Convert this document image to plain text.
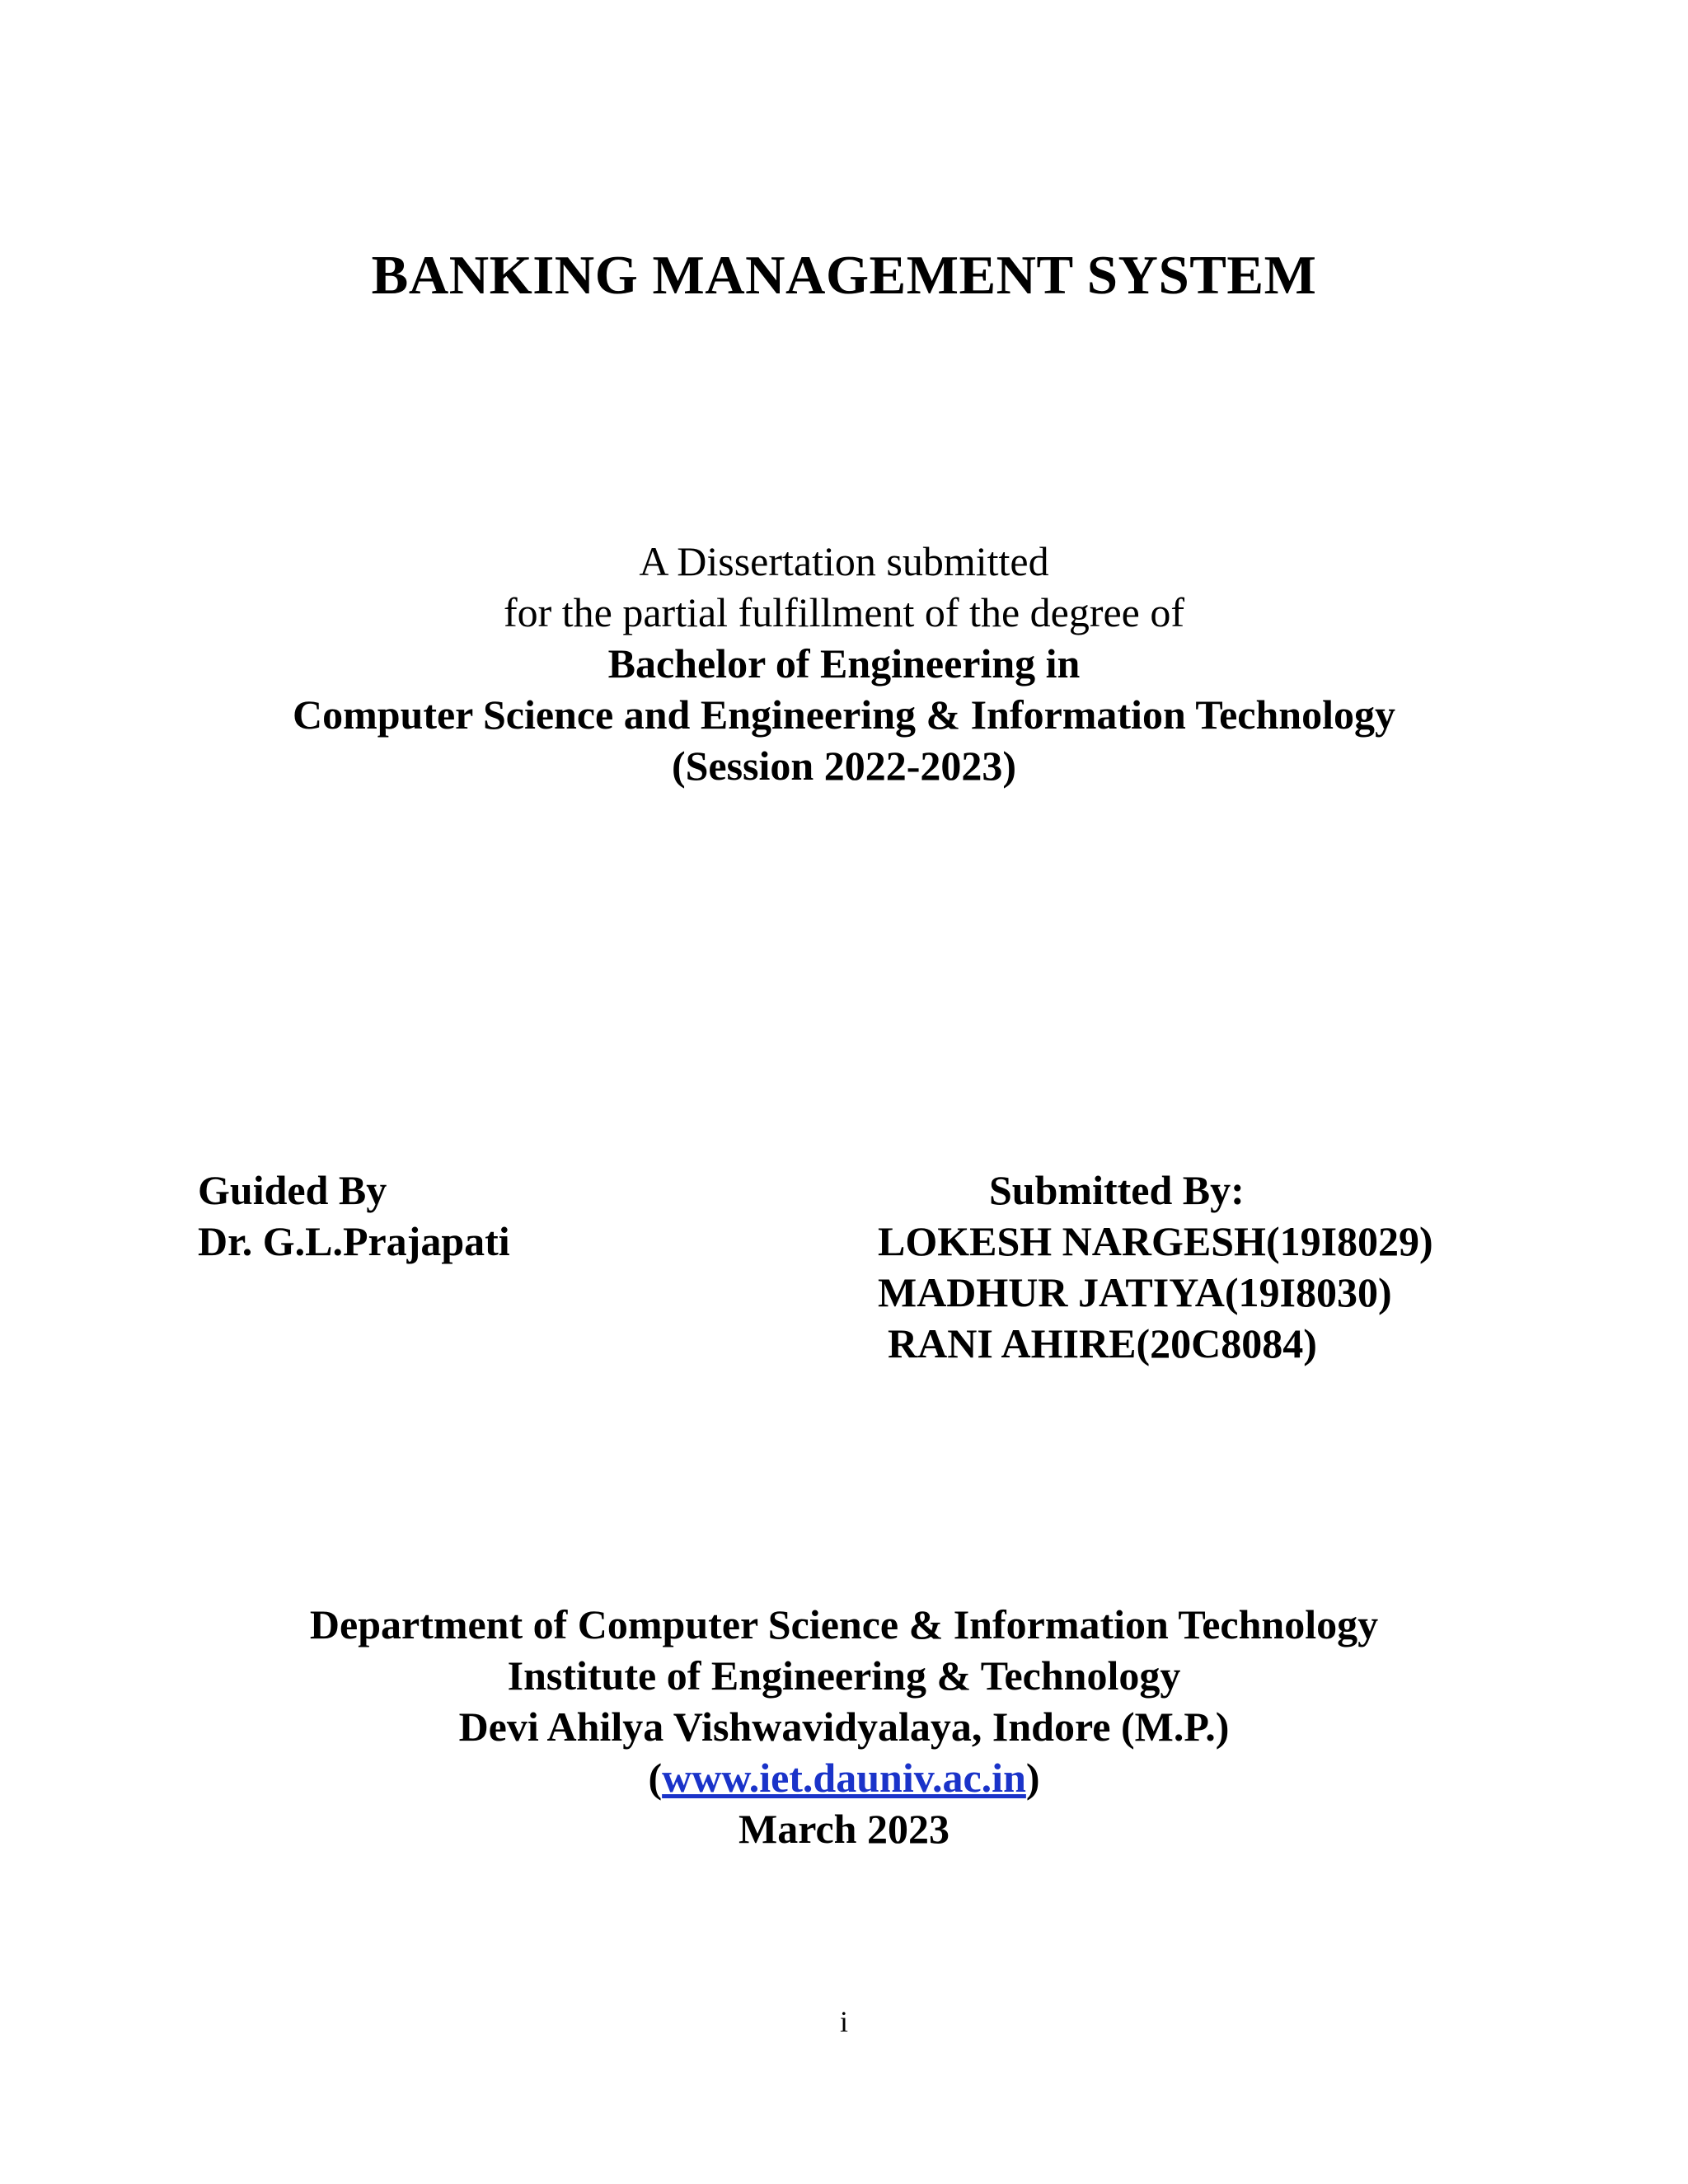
BANKING MANAGEMENT SYSTEM
A Dissertation submitted
for the partial fulfillment of the degree of
Bachelor of Engineering in
Computer Science and Engineering & Information Technology
(Session 2022-2023)
Guided By
Dr. G.L.Prajapati
Submitted By:
LOKESH NARGESH(19I8029)
MADHUR JATIYA(19I8030)
RANI AHIRE(20C8084)
Department of Computer Science & Information Technology
Institute of Engineering & Technology
Devi Ahilya Vishwavidyalaya, Indore (M.P.)
(www.iet.dauniv.ac.in)
March 2023
i
